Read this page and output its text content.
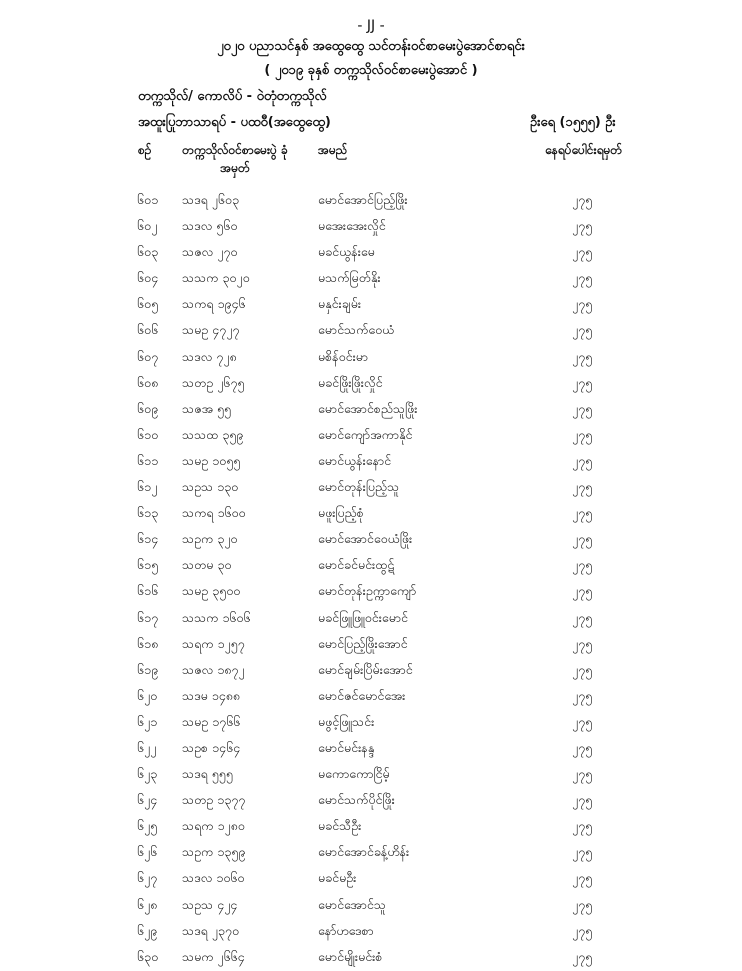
- JJ -
၂၀၂၀ ပညာသင်နှစ် အထွေထွေ သင်တန်းဝင်စာမေးပွဲအောင်စာရင်း
( ၂၀၁၉ ခုနှစ် တက္ကသိုလ်ဝင်စာမေးပွဲအောင် )
တက္ကသိုလ်/ ကောလိပ် - ဝဲတုံတက္ကသိုလ်
အထူးပြုဘာသာရပ် - ပထဝီ(အထွေထွေ)	ဦးရေ (၁၅၅၅) ဦး
စဉ်	တက္ကသိုလ်ဝင်စာမေးပွဲ ခုံအမှတ်
အမည်	နေရပ်ပေါင်းရမှတ်
၆၀၁ သဒရ ၂၆၀၃	မောင်အောင်ပြည့်ဖြိုး	၂၇၅
၆၀၂ သဒလ ၅၆၀	မအေးအေးလှိုင်	၂၇၅
၆၀၃ သဇလ ၂၇၀	မခင်ယွန်းမေ	၂၇၅
၆၀၄ သသက ၃၀၂၀	မသက်မြတ်နိုး	၂၇၅
၆၀၅ သကရ ၁၉၄၆	မနှင်းချမ်း	၂၇၅
၆၀၆ သမဥ ၄၇၂၇	မောင်သက်ဝေယံ	၂၇၅
၆၀၇ သဒလ ၇၂၈	မစိန်ဝင်းမာ	၂၇၅
၆၀၈ သတဥ ၂၆၇၅	မခင်ဖြိုးဖြိုးလှိုင်	၂၇၅
၆၀၉ သဇအ ၅၅	မောင်အောင်စည်သူဖြိုး	၂၇၅
၆၁၀ သသထ ၃၅၉	မောင်ကျော်အကာနိုင်	၂၇၅
၆၁၁ သမဥ ၁၀၅၅	မောင်ယွန်းနောင်	၂၇၅
၆၁၂ သဥသ ၁၃၀	မောင်တုန်းပြည့်သူ	၂၇၅
၆၁၃ သကရ ၁၆၀၀	မဖူးပြည့်စုံ	၂၇၅
၆၁၄ သဥက ၃၂၀	မောင်အောင်ဝေယံဖြိုး	၂၇၅
၆၁၅ သတမ ၃၀	မောင်ခင်မင်းထွဋ်	၂၇၅
၆၁၆ သမဥ ၃၅၀၀	မောင်တုန်းဥက္ကာကျော်	၂၇၅
၆၁၇ သသက ၁၆၀၆	မခင်ဖြူဖြူဝင်းမောင်	၂၇၅
၆၁၈ သရက ၁၂၅၇	မောင်ပြည့်ဖြိုးအောင်	၂၇၅
၆၁၉ သဇလ ၁၈၇၂	မောင်ချမ်းပြိမ်းအောင်	၂၇၅
၆၂၀ သဒမ ၁၄၈၈	မောင်ဇင်မောင်အေး	၂၇၅
၆၂၁ သမဥ ၁၇၆၆	မဖွင့်ဖြူသင်း	၂၇၅
၆၂၂ သဥစ ၁၄၆၄	မောင်မင်းနန္ဒ	၂၇၅
၆၂၃ သဒရ ၅၅၅	မကောကောငြိမ့်	၂၇၅
၆၂၄ သတဥ ၁၃၇၇	မောင်သက်ပိုင်ဖြိုး	၂၇၅
၆၂၅ သရက ၁၂၈၀	မခင်သီဦး	၂၇၅
၆၂၆ သဥက ၁၃၅၉	မောင်အောင်ခန့်ဟိန်း	၂၇၅
၆၂၇ သဒလ ၁၀၆၀	မခင်မဦး	၂၇၅
၆၂၈ သဥသ ၄၂၄	မောင်အောင်သူ	၂၇၅
၆၂၉ သဒရ ၂၃၇၀	နော်ဟဒေစာ	၂၇၅
၆၃၀ သမက ၂၆၆၄	မောင်မျိုးမင်းစံ	၂၇၅
